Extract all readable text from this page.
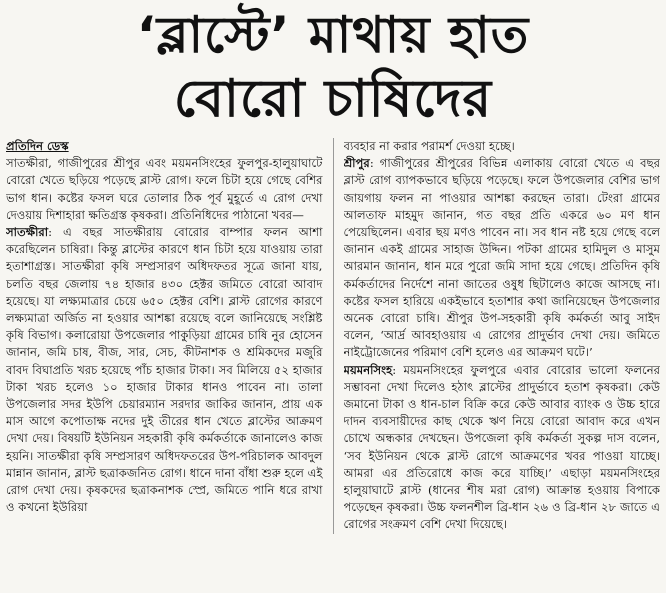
‘ব্লাস্টে’ মাথায় হাত
বোরো চাষিদের

প্রতিদিন ডেস্ক

সাতক্ষীরা, গাজীপুরের শ্রীপুর এবং ময়মনসিংহের ফুলপুর-হালুয়াঘাটে বোরো খেতে ছড়িয়ে পড়েছে ব্লাস্ট রোগ। ফলে চিটা হয়ে গেছে বেশির ভাগ ধান। কষ্টের ফসল ঘরে তোলার ঠিক পূর্ব মুহূর্তে এ রোগ দেখা দেওয়ায় দিশাহারা ক্ষতিগ্রস্ত কৃষকরা। প্রতিনিধিদের পাঠানো খবর—

সাতক্ষীরা: এ বছর সাতক্ষীরায় বোরোর বাম্পার ফলন আশা করেছিলেন চাষিরা। কিন্তু ব্লাস্টের কারণে ধান চিটা হয়ে যাওয়ায় তারা হতাশাগ্রস্ত। সাতক্ষীরা কৃষি সম্প্রসারণ অধিদফতর সূত্রে জানা যায়, চলতি বছর জেলায় ৭৪ হাজার ৪৩০ হেক্টর জমিতে বোরো আবাদ হয়েছে। যা লক্ষ্যমাত্রার চেয়ে ৬৫০ হেক্টর বেশি। ব্লাস্ট রোগের কারণে লক্ষ্যমাত্রা অর্জিত না হওয়ার আশঙ্কা রয়েছে বলে জানিয়েছে সংশ্লিষ্ট কৃষি বিভাগ। কলারোয়া উপজেলার পাকুড়িয়া গ্রামের চাষি নুর হোসেন জানান, জমি চাষ, বীজ, সার, সেচ, কীটনাশক ও শ্রমিকদের মজুরি বাবদ বিঘাপ্রতি খরচ হয়েছে পাঁচ হাজার টাকা। সব মিলিয়ে ৫২ হাজার টাকা খরচ হলেও ১০ হাজার টাকার ধানও পাবেন না। তালা উপজেলার সদর ইউপি চেয়ারম্যান সরদার জাকির জানান, প্রায় এক মাস আগে কপোতাক্ষ নদের দুই তীরের ধান খেতে ব্লাস্টের আক্রমণ দেখা দেয়। বিষয়টি ইউনিয়ন সহকারী কৃষি কর্মকর্তাকে জানালেও কাজ হয়নি। সাতক্ষীরা কৃষি সম্প্রসারণ অধিদফতরের উপ-পরিচালক আবদুল মান্নান জানান, ব্লাস্ট ছত্রাকজনিত রোগ। ধানে দানা বাঁধা শুরু হলে এই রোগ দেখা দেয়। কৃষকদের ছত্রাকনাশক স্প্রে, জমিতে পানি ধরে রাখা ও কখনো ইউরিয়া

ব্যবহার না করার পরামর্শ দেওয়া হচ্ছে।

শ্রীপুর: গাজীপুরের শ্রীপুরের বিভিন্ন এলাকায় বোরো খেতে এ বছর ব্লাস্ট রোগ ব্যাপকভাবে ছড়িয়ে পড়েছে। ফলে উপজেলার বেশির ভাগ জায়গায় ফলন না পাওয়ার আশঙ্কা করছেন তারা। টেংরা গ্রামের আলতাফ মাহমুদ জানান, গত বছর প্রতি একরে ৬০ মণ ধান পেয়েছিলেন। এবার ছয় মণও পাবেন না। সব ধান নষ্ট হয়ে গেছে বলে জানান একই গ্রামের সাহাজ উদ্দিন। পটকা গ্রামের হামিদুল ও মাসুম আরমান জানান, ধান মরে পুরো জমি সাদা হয়ে গেছে। প্রতিদিন কৃষি কর্মকর্তাদের নির্দেশে নানা জাতের ওষুধ ছিটালেও কাজে আসছে না। কষ্টের ফসল হারিয়ে একইভাবে হতাশার কথা জানিয়েছেন উপজেলার অনেক বোরো চাষি। শ্রীপুর উপ-সহকারী কৃষি কর্মকর্তা আবু সাইদ বলেন, ‘আর্দ্র আবহাওয়ায় এ রোগের প্রাদুর্ভাব দেখা দেয়। জমিতে নাইট্রোজেনের পরিমাণ বেশি হলেও এর আক্রমণ ঘটে।’

ময়মনসিংহ: ময়মনসিংহের ফুলপুরে এবার বোরোর ভালো ফলনের সম্ভাবনা দেখা দিলেও হঠাৎ ব্লাস্টের প্রাদুর্ভাবে হতাশ কৃষকরা। কেউ জমানো টাকা ও ধান-চাল বিক্রি করে কেউ আবার ব্যাংক ও উচ্চ হারে দাদন ব্যবসায়ীদের কাছ থেকে ঋণ নিয়ে বোরো আবাদ করে এখন চোখে অন্ধকার দেখছেন। উপজেলা কৃষি কর্মকর্তা সুকল্প দাস বলেন, ‘সব ইউনিয়ন থেকে ব্লাস্ট রোগে আক্রমণের খবর পাওয়া যাচ্ছে। আমরা এর প্রতিরোধে কাজ করে যাচ্ছি।’ এছাড়া ময়মনসিংহের হালুয়াঘাটে ব্লাস্ট (ধানের শীষ মরা রোগ) আক্রান্ত হওয়ায় বিপাকে পড়েছেন কৃষকরা। উচ্চ ফলনশীল ব্রি-ধান ২৬ ও ব্রি-ধান ২৮ জাতে এ রোগের সংক্রমণ বেশি দেখা দিয়েছে।
